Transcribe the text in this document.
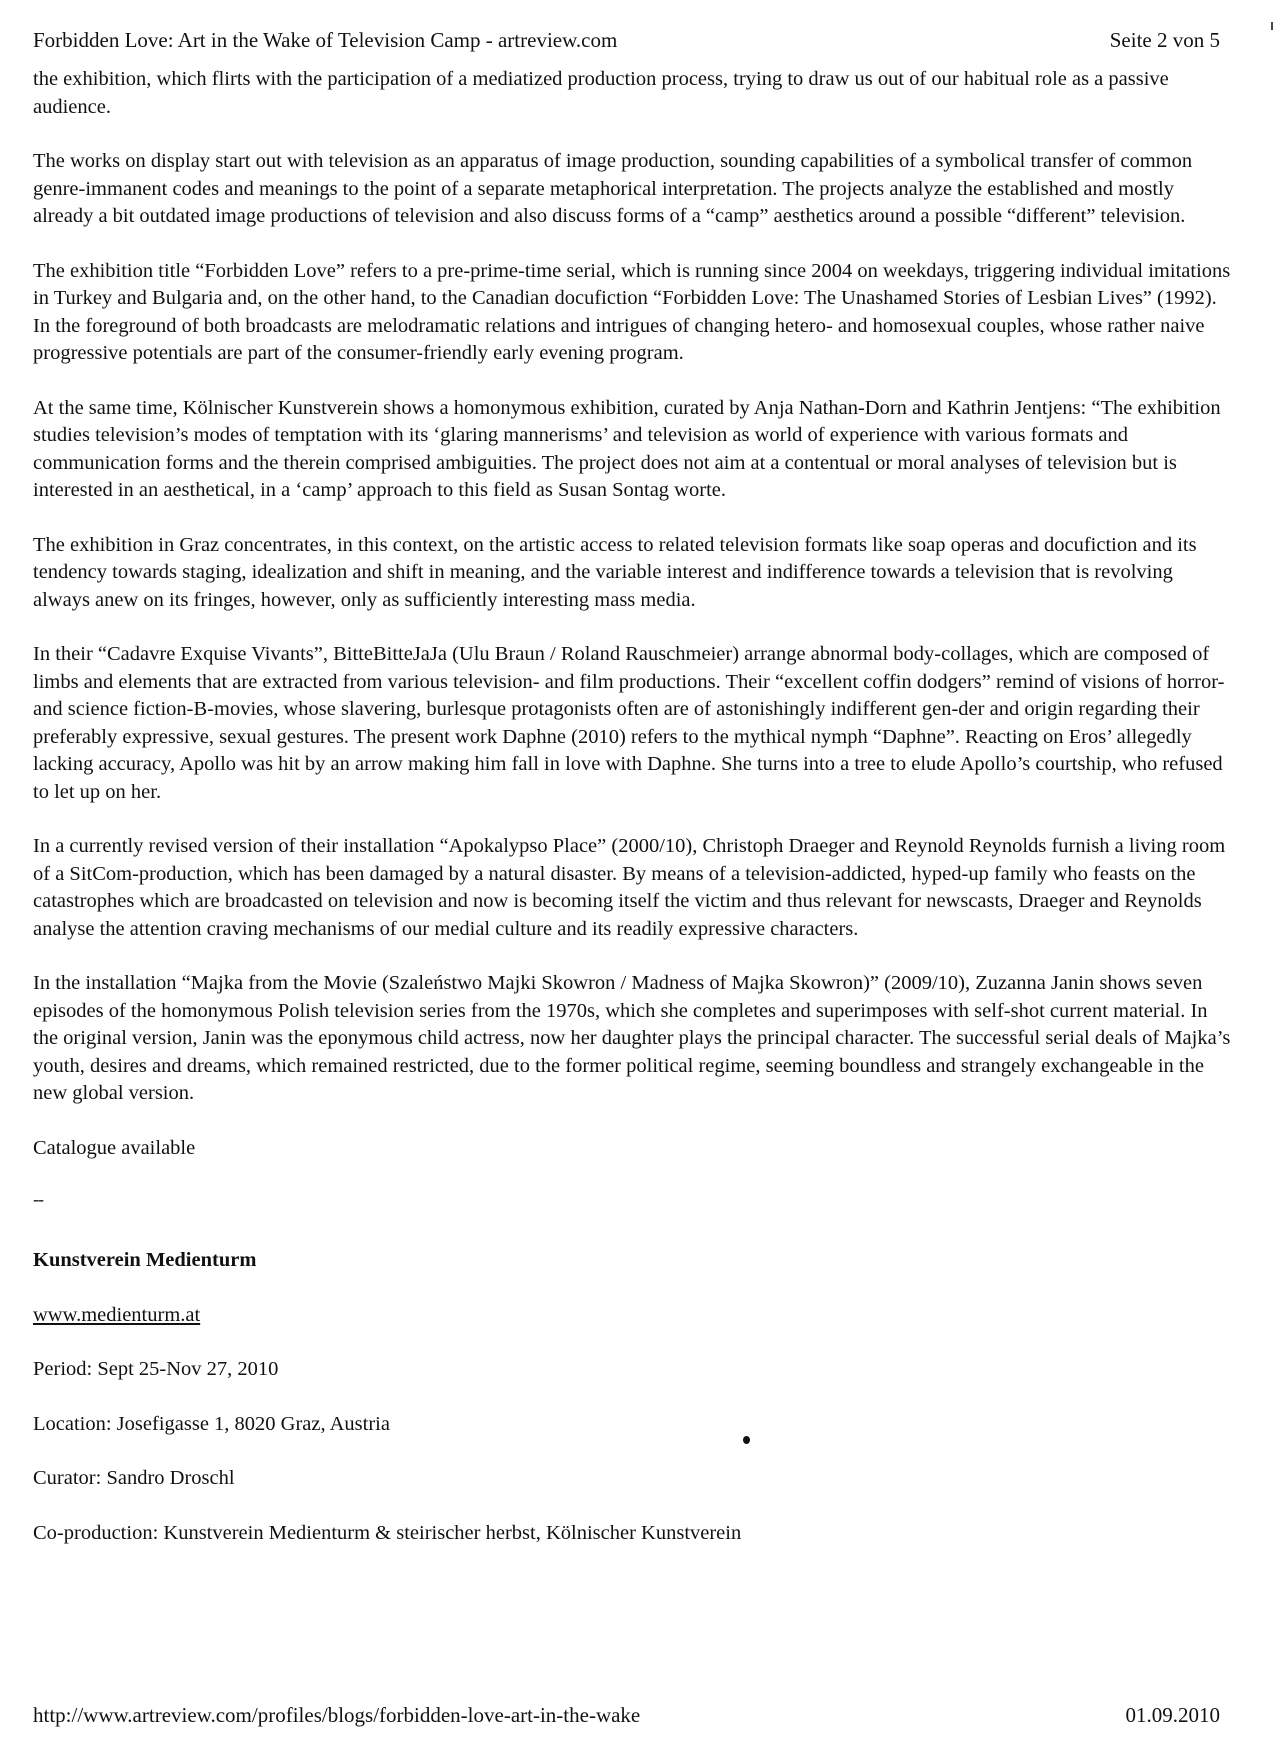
Forbidden Love: Art in the Wake of Television Camp - artreview.com	Seite 2 von 5

the exhibition, which flirts with the participation of a mediatized production process, trying to draw us out of our habitual role as a passive audience.

The works on display start out with television as an apparatus of image production, sounding capabilities of a symbolical transfer of common genre-immanent codes and meanings to the point of a separate metaphorical interpretation. The projects analyze the established and mostly already a bit outdated image productions of television and also discuss forms of a “camp” aesthetics around a possible “different” television.

The exhibition title “Forbidden Love” refers to a pre-prime-time serial, which is running since 2004 on weekdays, triggering individual imitations in Turkey and Bulgaria and, on the other hand, to the Canadian docufiction “Forbidden Love: The Unashamed Stories of Lesbian Lives” (1992). In the foreground of both broadcasts are melodramatic relations and intrigues of changing hetero- and homosexual couples, whose rather naive progressive potentials are part of the consumer-friendly early evening program.

At the same time, Kölnischer Kunstverein shows a homonymous exhibition, curated by Anja Nathan-Dorn and Kathrin Jentjens: “The exhibition studies television’s modes of temptation with its ‘glaring mannerisms’ and television as world of experience with various formats and communication forms and the therein comprised ambiguities. The project does not aim at a contentual or moral analyses of television but is interested in an aesthetical, in a ‘camp’ approach to this field as Susan Sontag worte.

The exhibition in Graz concentrates, in this context, on the artistic access to related television formats like soap operas and docufiction and its tendency towards staging, idealization and shift in meaning, and the variable interest and indifference towards a television that is revolving always anew on its fringes, however, only as sufficiently interesting mass media.

In their “Cadavre Exquise Vivants”, BitteBitteJaJa (Ulu Braun / Roland Rauschmeier) arrange abnormal body-collages, which are composed of limbs and elements that are extracted from various television- and film productions. Their “excellent coffin dodgers” remind of visions of horror- and science fiction-B-movies, whose slavering, burlesque protagonists often are of astonishingly indifferent gen-der and origin regarding their preferably expressive, sexual gestures. The present work Daphne (2010) refers to the mythical nymph “Daphne”. Reacting on Eros’ allegedly lacking accuracy, Apollo was hit by an arrow making him fall in love with Daphne. She turns into a tree to elude Apollo’s courtship, who refused to let up on her.

In a currently revised version of their installation “Apokalypso Place” (2000/10), Christoph Draeger and Reynold Reynolds furnish a living room of a SitCom-production, which has been damaged by a natural disaster. By means of a television-addicted, hyped-up family who feasts on the catastrophes which are broadcasted on television and now is becoming itself the victim and thus relevant for newscasts, Draeger and Reynolds analyse the attention craving mechanisms of our medial culture and its readily expressive characters.

In the installation “Majka from the Movie (Szaleństwo Majki Skowron / Madness of Majka Skowron)” (2009/10), Zuzanna Janin shows seven episodes of the homonymous Polish television series from the 1970s, which she completes and superimposes with self-shot current material. In the original version, Janin was the eponymous child actress, now her daughter plays the principal character. The successful serial deals of Majka’s youth, desires and dreams, which remained restricted, due to the former political regime, seeming boundless and strangely exchangeable in the new global version.

Catalogue available

--

Kunstverein Medienturm

www.medienturm.at

Period: Sept 25-Nov 27, 2010

Location: Josefigasse 1, 8020 Graz, Austria

Curator: Sandro Droschl

Co-production: Kunstverein Medienturm & steirischer herbst, Kölnischer Kunstverein

http://www.artreview.com/profiles/blogs/forbidden-love-art-in-the-wake	01.09.2010
